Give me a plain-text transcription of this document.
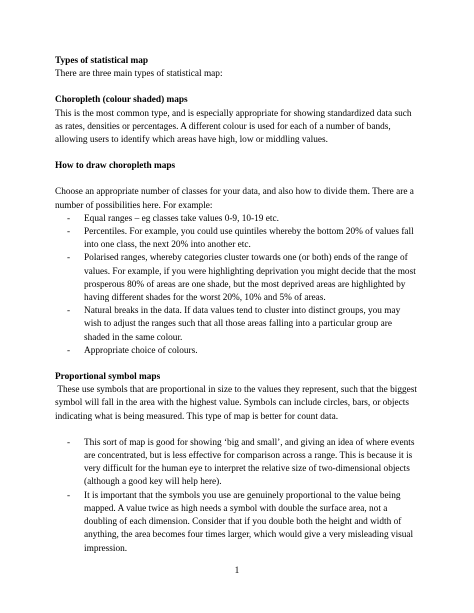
Types of statistical map

There are three main types of statistical map:

Choropleth (colour shaded) maps

This is the most common type, and is especially appropriate for showing standardized data such as rates, densities or percentages. A different colour is used for each of a number of bands, allowing users to identify which areas have high, low or middling values.

How to draw choropleth maps

Choose an appropriate number of classes for your data, and also how to divide them. There are a number of possibilities here. For example:

- Equal ranges – eg classes take values 0-9, 10-19 etc.
- Percentiles. For example, you could use quintiles whereby the bottom 20% of values fall into one class, the next 20% into another etc.
- Polarised ranges, whereby categories cluster towards one (or both) ends of the range of values. For example, if you were highlighting deprivation you might decide that the most prosperous 80% of areas are one shade, but the most deprived areas are highlighted by having different shades for the worst 20%, 10% and 5% of areas.
- Natural breaks in the data. If data values tend to cluster into distinct groups, you may wish to adjust the ranges such that all those areas falling into a particular group are shaded in the same colour.
- Appropriate choice of colours.

Proportional symbol maps

These use symbols that are proportional in size to the values they represent, such that the biggest symbol will fall in the area with the highest value. Symbols can include circles, bars, or objects indicating what is being measured. This type of map is better for count data.

- This sort of map is good for showing ‘big and small’, and giving an idea of where events are concentrated, but is less effective for comparison across a range. This is because it is very difficult for the human eye to interpret the relative size of two-dimensional objects (although a good key will help here).
- It is important that the symbols you use are genuinely proportional to the value being mapped. A value twice as high needs a symbol with double the surface area, not a doubling of each dimension. Consider that if you double both the height and width of anything, the area becomes four times larger, which would give a very misleading visual impression.
1
